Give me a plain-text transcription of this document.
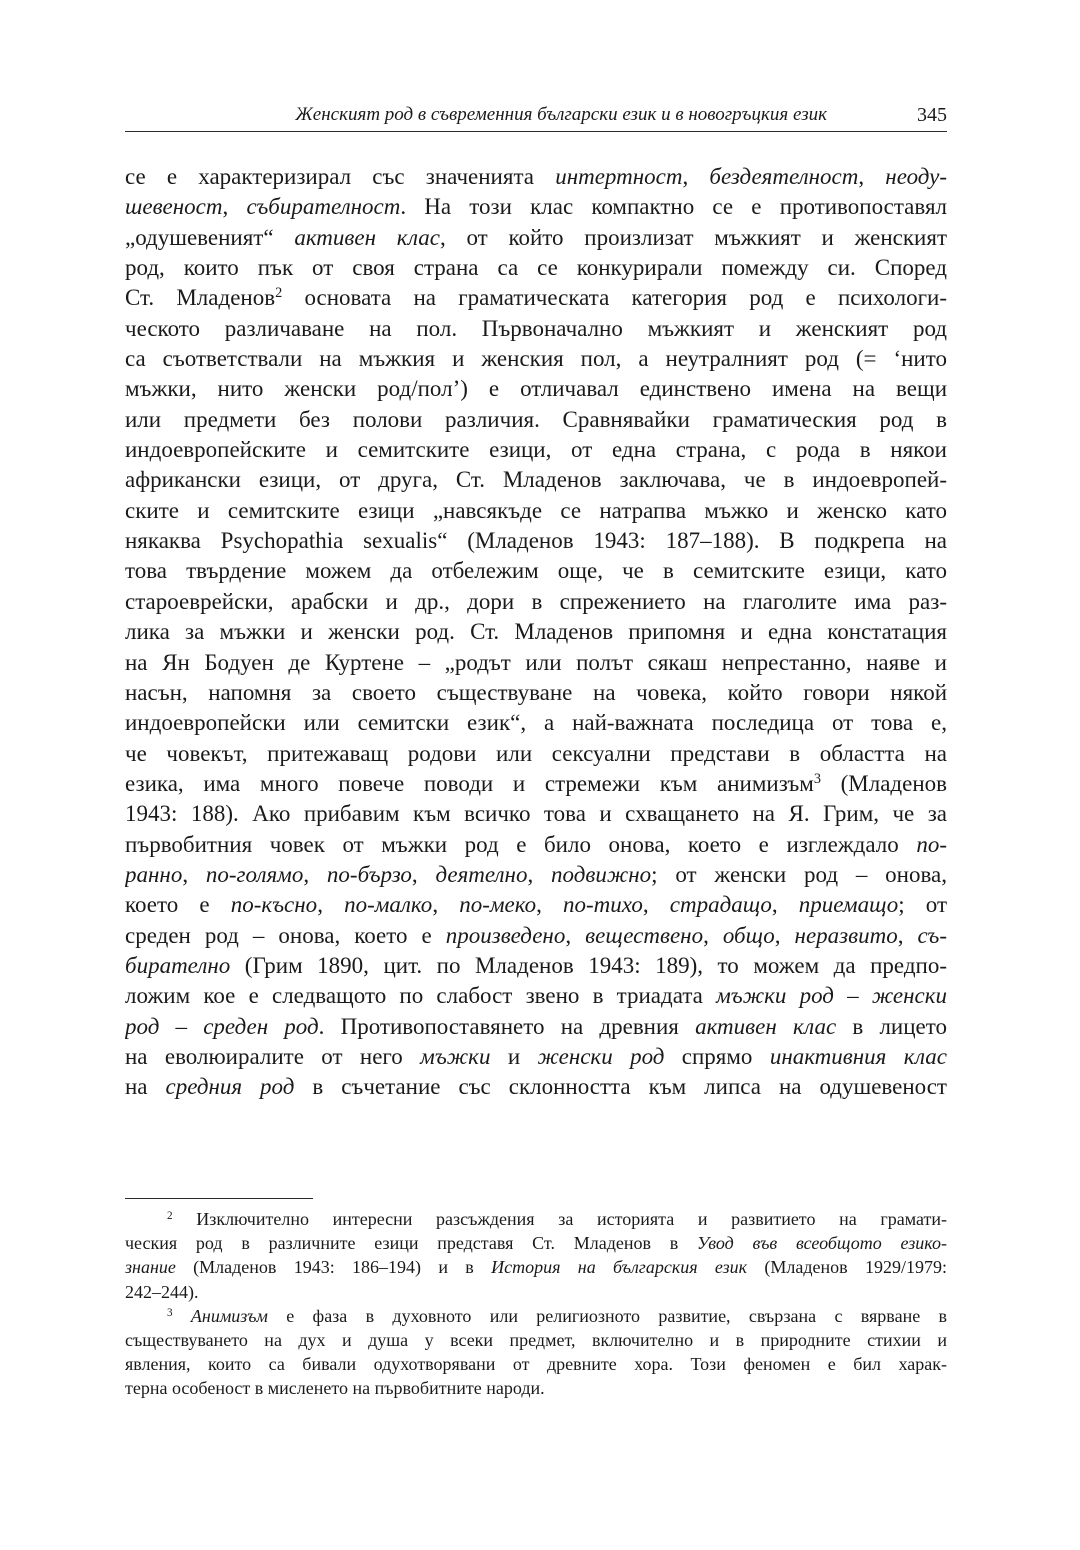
Женският род в съвременния български език и в новогръцкия език	345
се е характеризирал със значенията интертност, бездеятелност, неоду-
шевеност, събирателност. На този клас компактно се е противопоставял
„одушевеният“ активен клас, от който произлизат мъжкият и женският
род, които пък от своя страна са се конкурирали помежду си. Според
Ст. Младенов$^2$ основата на граматическата категория род е психологи-
ческото различаване на пол. Първоначално мъжкият и женският род
са съответствали на мъжкия и женския пол, а неутралният род (= ‘нито
мъжки, нито женски род/пол’) е отличавал единствено имена на вещи
или предмети без полови различия. Сравнявайки граматическия род в
индоевропейските и семитските езици, от една страна, с рода в някои
африкански езици, от друга, Ст. Младенов заключава, че в индоевропей-
ските и семитските езици „навсякъде се натрапва мъжко и женско като
някаква Psychopathia sexualis“ (Младенов 1943: 187–188). В подкрепа на
това твърдение можем да отбележим още, че в семитските езици, като
староеврейски, арабски и др., дори в спрежението на глаголите има раз-
лика за мъжки и женски род. Ст. Младенов припомня и една констатация
на Ян Бодуен де Куртене – „родът или полът сякаш непрестанно, наяве и
насън, напомня за своето съществуване на човека, който говори някой
индоевропейски или семитски език“, а най-важната последица от това е,
че човекът, притежаващ родови или сексуални представи в областта на
езика, има много повече поводи и стремежи към анимизъм$^3$ (Младенов
1943: 188). Ако прибавим към всичко това и схващането на Я. Грим, че за
първобитния човек от мъжки род е било онова, което е изглеждало по-
ранно, по-голямо, по-бързо, деятелно, подвижно; от женски род – онова,
което е по-късно, по-малко, по-меко, по-тихо, страдащо, приемащо; от
среден род – онова, което е произведено, веществено, общо, неразвито, съ-
бирателно (Грим 1890, цит. по Младенов 1943: 189), то можем да предпо-
ложим кое е следващото по слабост звено в триадата мъжки род – женски
род – среден род. Противопоставянето на древния активен клас в лицето
на еволюиралите от него мъжки и женски род спрямо инактивния клас
на средния род в съчетание със склонността към липса на одушевеност
$^2$ Изключително интересни разсъждения за историята и развитието на грамати-
ческия род в различните езици представя Ст. Младенов в Увод във всеобщото езико-
знание (Младенов 1943: 186–194) и в История на българския език (Младенов 1929/1979:
242–244).
$^3$ Анимизъм е фаза в духовното или религиозното развитие, свързана с вярване в
съществуването на дух и душа у всеки предмет, включително и в природните стихии и
явления, които са бивали одухотворявани от древните хора. Този феномен е бил харак-
терна особеност в мисленето на първобитните народи.
